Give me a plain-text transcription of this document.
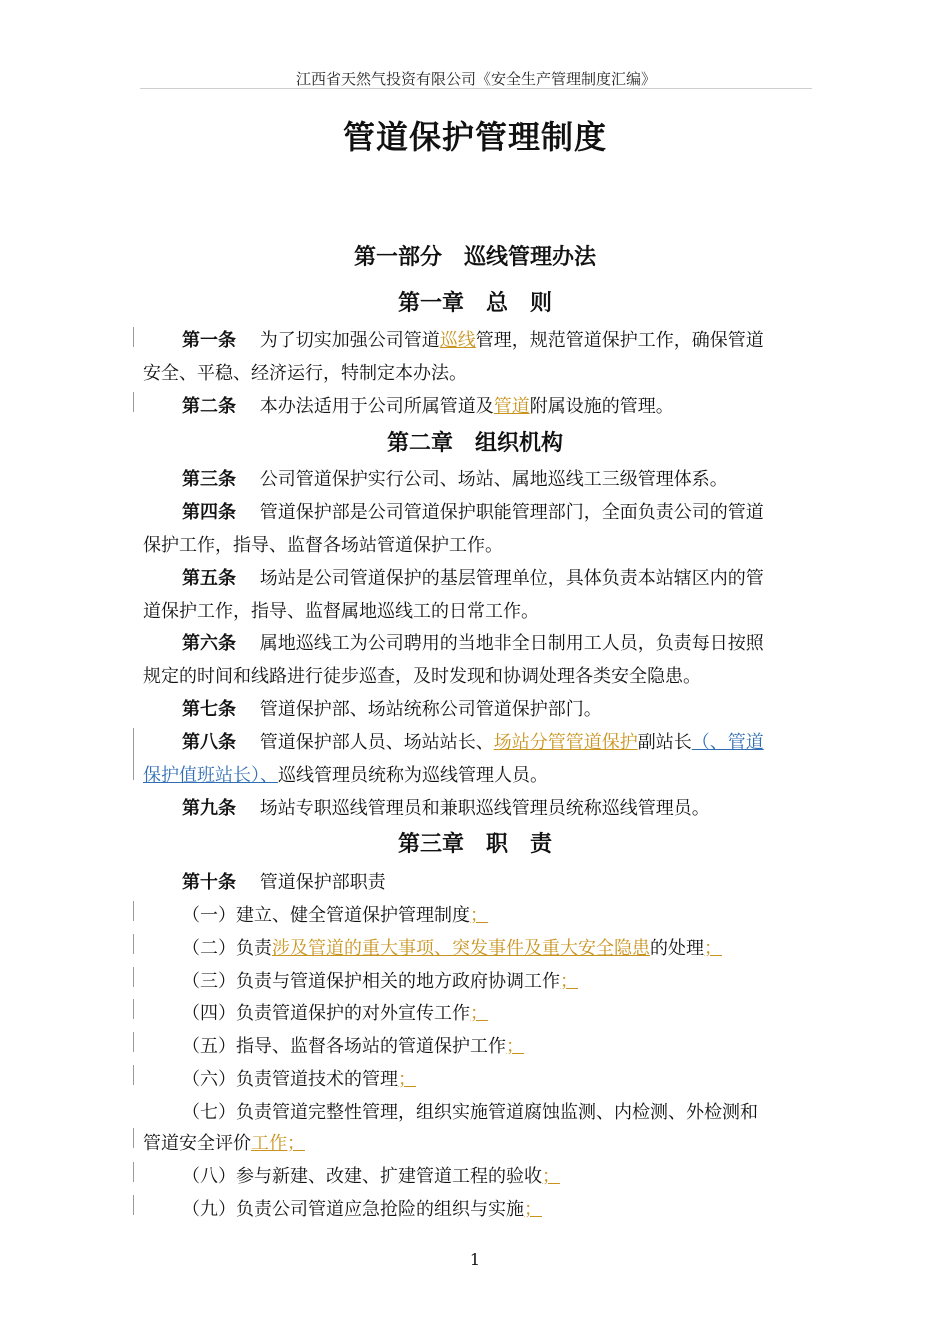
江西省天然气投资有限公司《安全生产管理制度汇编》
管道保护管理制度
第一部分　巡线管理办法
第一章　总　则
第一条　 为了切实加强公司管道巡线管理，规范管道保护工作，确保管道
安全、平稳、经济运行，特制定本办法。
第二条　 本办法适用于公司所属管道及管道附属设施的管理。
第二章　组织机构
第三条　 公司管道保护实行公司、场站、属地巡线工三级管理体系。
第四条　 管道保护部是公司管道保护职能管理部门，全面负责公司的管道
保护工作，指导、监督各场站管道保护工作。
第五条　 场站是公司管道保护的基层管理单位，具体负责本站辖区内的管
道保护工作，指导、监督属地巡线工的日常工作。
第六条　 属地巡线工为公司聘用的当地非全日制用工人员，负责每日按照
规定的时间和线路进行徒步巡查，及时发现和协调处理各类安全隐患。
第七条　 管道保护部、场站统称公司管道保护部门。
第八条　 管道保护部人员、场站站长、场站分管管道保护副站长（、管道
保护值班站长）、巡线管理员统称为巡线管理人员。
第九条　 场站专职巡线管理员和兼职巡线管理员统称巡线管理员。
第三章　职　责
第十条　 管道保护部职责
（一）建立、健全管道保护管理制度；
（二）负责涉及管道的重大事项、突发事件及重大安全隐患的处理；
（三）负责与管道保护相关的地方政府协调工作；
（四）负责管道保护的对外宣传工作；
（五）指导、监督各场站的管道保护工作；
（六）负责管道技术的管理；
（七）负责管道完整性管理，组织实施管道腐蚀监测、内检测、外检测和
管道安全评价工作；
（八）参与新建、改建、扩建管道工程的验收；
（九）负责公司管道应急抢险的组织与实施；
1
